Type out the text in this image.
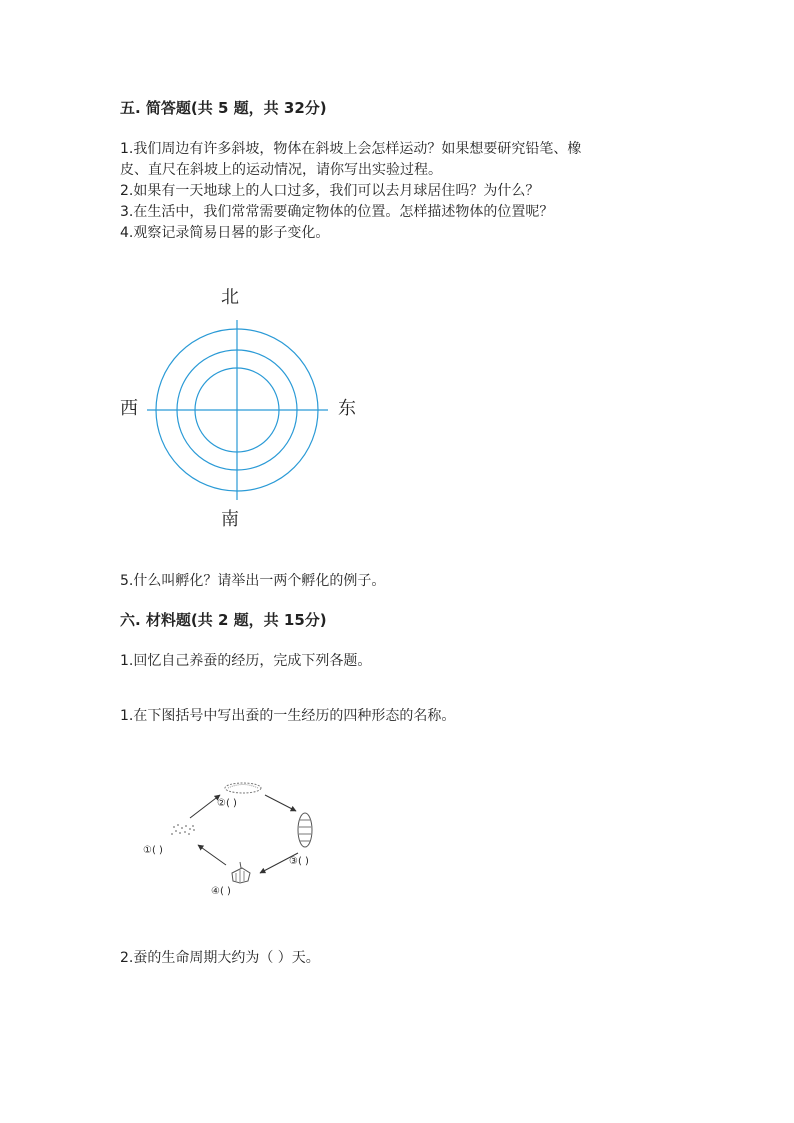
五. 简答题(共 5 题，共 32分)
1.我们周边有许多斜坡，物体在斜坡上会怎样运动？如果想要研究铅笔、橡
皮、直尺在斜坡上的运动情况，请你写出实验过程。
2.如果有一天地球上的人口过多，我们可以去月球居住吗？为什么？
3.在生活中，我们常常需要确定物体的位置。怎样描述物体的位置呢？
4.观察记录简易日晷的影子变化。
北
西	东
南
5.什么叫孵化？请举出一两个孵化的例子。
六. 材料题(共 2 题，共 15分)
1.回忆自己养蚕的经历，完成下列各题。
1.在下图括号中写出蚕的一生经历的四种形态的名称。
②( )
①( )
③( )
④( )
2.蚕的生命周期大约为（ ）天。
